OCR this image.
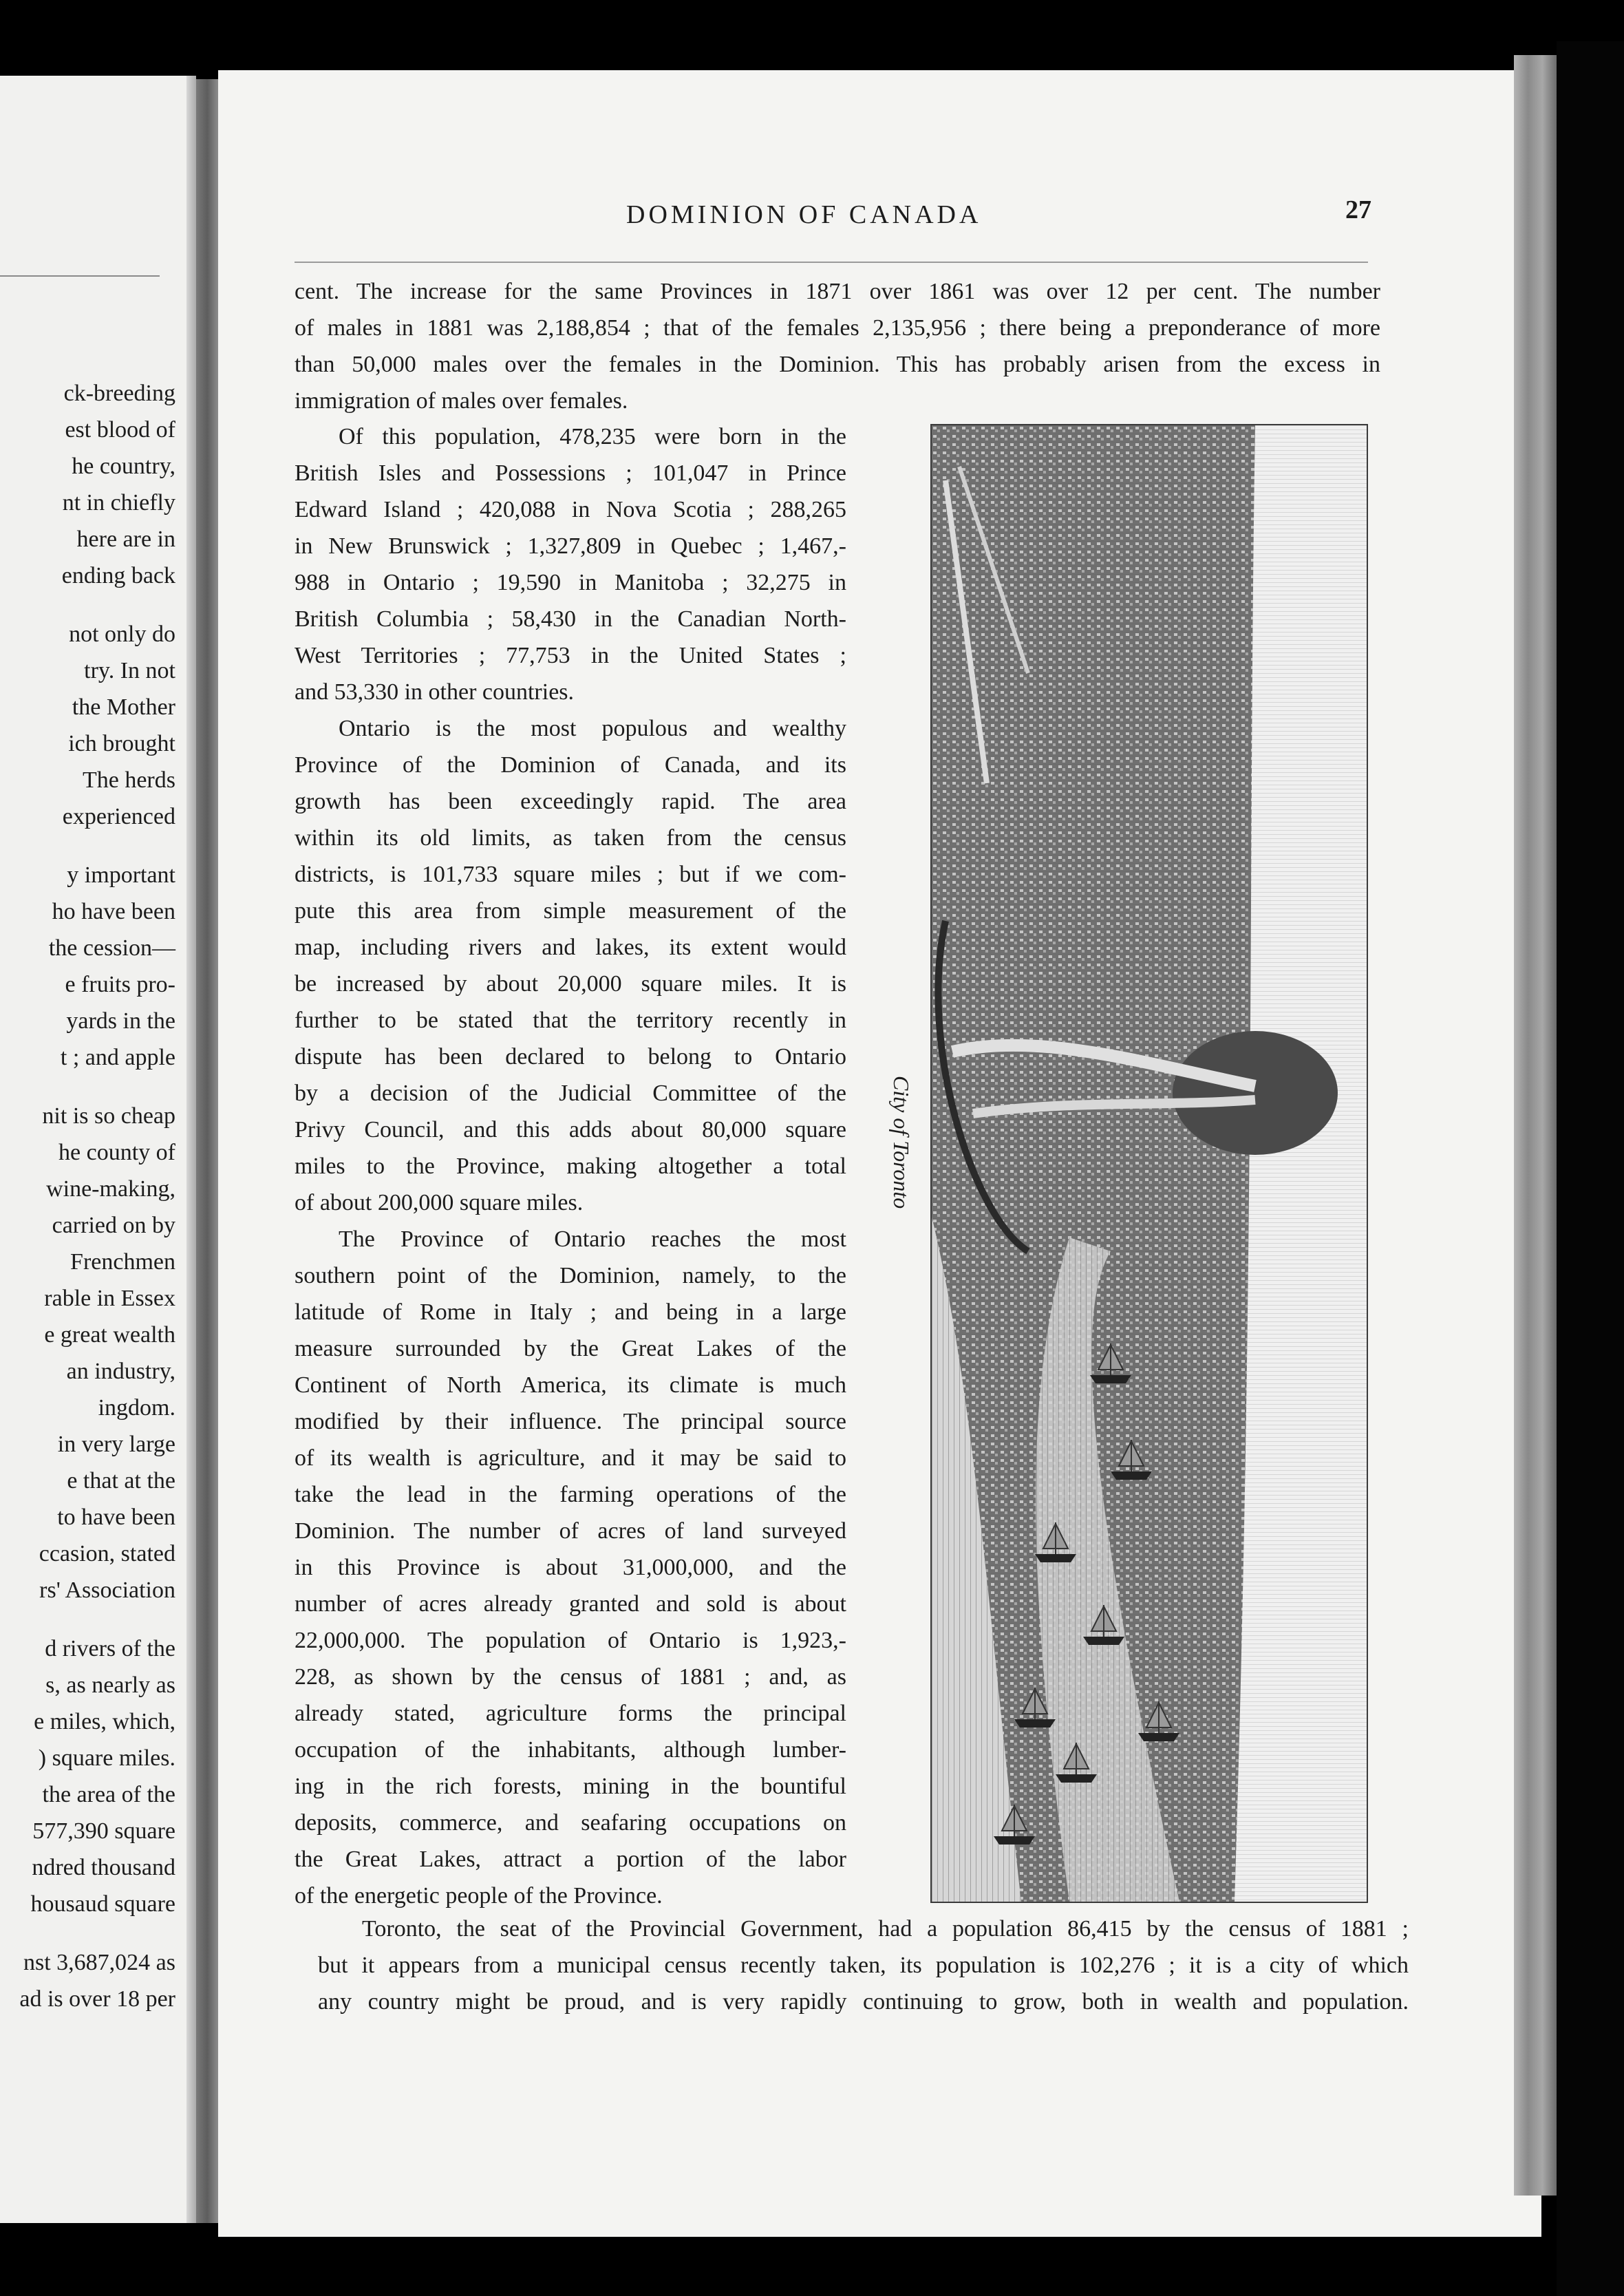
ck-breeding
est blood of
he country,
nt in chiefly
here are in
ending back
not only do
try. In not
the Mother
ich brought
The herds
experienced
y important
ho have been
the cession—
e fruits pro-
yards in the
t ; and apple
nit is so cheap
he county of
wine-making,
carried on by
Frenchmen
rable in Essex
e great wealth
an industry,
ingdom.
in very large
e that at the
to have been
ccasion, stated
rs' Association
d rivers of the
s, as nearly as
e miles, which,
) square miles.
the area of the
577,390 square
ndred thousand
housaud square
nst 3,687,024 as
ad is over 18 per
DOMINION OF CANADA	27
cent. The increase for the same Provinces in 1871 over 1861 was over 12 per cent. The number
of males in 1881 was 2,188,854 ; that of the females 2,135,956 ; there being a preponderance of more
than 50,000 males over the females in the Dominion. This has probably arisen from the excess in
immigration of males over females.
Of this population, 478,235 were born in the
British Isles and Possessions ; 101,047 in Prince
Edward Island ; 420,088 in Nova Scotia ; 288,265
in New Brunswick ; 1,327,809 in Quebec ; 1,467,-
988 in Ontario ; 19,590 in Manitoba ; 32,275 in
British Columbia ; 58,430 in the Canadian North-
West Territories ; 77,753 in the United States ;
and 53,330 in other countries.
Ontario is the most populous and wealthy
Province of the Dominion of Canada, and its
growth has been exceedingly rapid. The area
within its old limits, as taken from the census
districts, is 101,733 square miles ; but if we com-
pute this area from simple measurement of the
map, including rivers and lakes, its extent would
be increased by about 20,000 square miles. It is
further to be stated that the territory recently in
dispute has been declared to belong to Ontario
by a decision of the Judicial Committee of the
Privy Council, and this adds about 80,000 square
miles to the Province, making altogether a total
of about 200,000 square miles.
The Province of Ontario reaches the most
southern point of the Dominion, namely, to the
latitude of Rome in Italy ; and being in a large
measure surrounded by the Great Lakes of the
Continent of North America, its climate is much
modified by their influence. The principal source
of its wealth is agriculture, and it may be said to
take the lead in the farming operations of the
Dominion. The number of acres of land surveyed
in this Province is about 31,000,000, and the
number of acres already granted and sold is about
22,000,000. The population of Ontario is 1,923,-
228, as shown by the census of 1881 ; and, as
already stated, agriculture forms the principal
occupation of the inhabitants, although lumber-
ing in the rich forests, mining in the bountiful
deposits, commerce, and seafaring occupations on
the Great Lakes, attract a portion of the labor
of the energetic people of the Province.
Toronto, the seat of the Provincial Government, had a population 86,415 by the census of 1881 ;
but it appears from a municipal census recently taken, its population is 102,276 ; it is a city of which
any country might be proud, and is very rapidly continuing to grow, both in wealth and population.
City of Toronto
